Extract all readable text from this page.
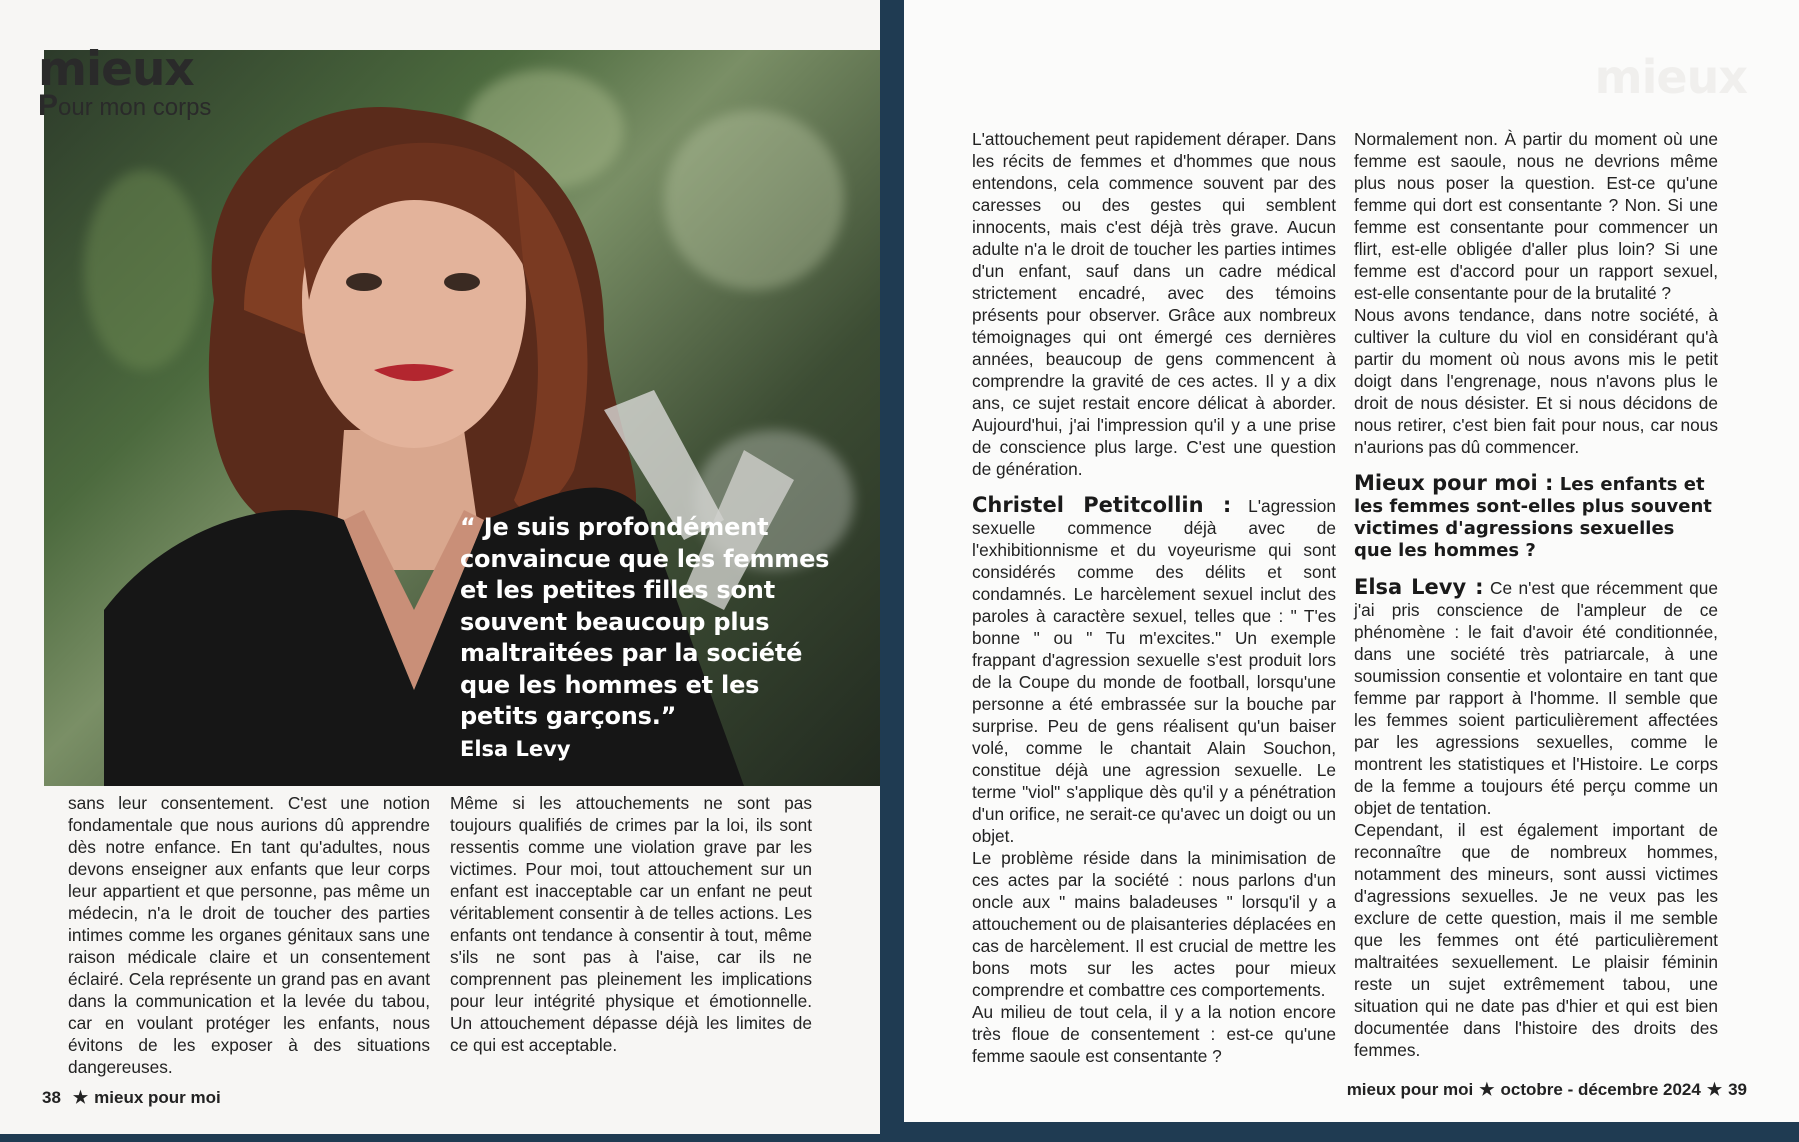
mieux
Pour mon corps
“ Je suis profondément convaincue que les femmes et les petites filles sont souvent beaucoup plus maltraitées par la société que les hommes et les petits garçons.”
Elsa Levy
sans leur consentement. C'est une notion fondamentale que nous aurions dû apprendre dès notre enfance. En tant qu'adultes, nous devons enseigner aux enfants que leur corps leur appartient et que personne, pas même un médecin, n'a le droit de toucher des parties intimes comme les organes génitaux sans une raison médicale claire et un consentement éclairé. Cela représente un grand pas en avant dans la communication et la levée du tabou, car en voulant protéger les enfants, nous évitons de les exposer à des situations dangereuses.
Même si les attouchements ne sont pas toujours qualifiés de crimes par la loi, ils sont ressentis comme une violation grave par les victimes. Pour moi, tout attouchement sur un enfant est inacceptable car un enfant ne peut véritablement consentir à de telles actions. Les enfants ont tendance à consentir à tout, même s'ils ne sont pas à l'aise, car ils ne comprennent pas pleinement les implications pour leur intégrité physique et émotionnelle. Un attouchement dépasse déjà les limites de ce qui est acceptable.
38 ★ mieux pour moi
mieux

L'attouchement peut rapidement déraper. Dans les récits de femmes et d'hommes que nous entendons, cela commence souvent par des caresses ou des gestes qui semblent innocents, mais c'est déjà très grave. Aucun adulte n'a le droit de toucher les parties intimes d'un enfant, sauf dans un cadre médical strictement encadré, avec des témoins présents pour observer. Grâce aux nombreux témoignages qui ont émergé ces dernières années, beaucoup de gens commencent à comprendre la gravité de ces actes. Il y a dix ans, ce sujet restait encore délicat à aborder. Aujourd'hui, j'ai l'impression qu'il y a une prise de conscience plus large. C'est une question de génération.

Christel Petitcollin : L'agression sexuelle commence déjà avec de l'exhibitionnisme et du voyeurisme qui sont considérés comme des délits et sont condamnés. Le harcèlement sexuel inclut des paroles à caractère sexuel, telles que : " T'es bonne " ou " Tu m'excites." Un exemple frappant d'agression sexuelle s'est produit lors de la Coupe du monde de football, lorsqu'une personne a été embrassée sur la bouche par surprise. Peu de gens réalisent qu'un baiser volé, comme le chantait Alain Souchon, constitue déjà une agression sexuelle. Le terme "viol" s'applique dès qu'il y a pénétration d'un orifice, ne serait-ce qu'avec un doigt ou un objet.

Le problème réside dans la minimisation de ces actes par la société : nous parlons d'un oncle aux " mains baladeuses " lorsqu'il y a attouchement ou de plaisanteries déplacées en cas de harcèlement. Il est crucial de mettre les bons mots sur les actes pour mieux comprendre et combattre ces comportements.

Au milieu de tout cela, il y a la notion encore très floue de consentement : est-ce qu'une femme saoule est consentante ?

Normalement non. À partir du moment où une femme est saoule, nous ne devrions même plus nous poser la question. Est-ce qu'une femme qui dort est consentante ? Non. Si une femme est consentante pour commencer un flirt, est-elle obligée d'aller plus loin? Si une femme est d'accord pour un rapport sexuel, est-elle consentante pour de la brutalité ?

Nous avons tendance, dans notre société, à cultiver la culture du viol en considérant qu'à partir du moment où nous avons mis le petit doigt dans l'engrenage, nous n'avons plus le droit de nous désister. Et si nous décidons de nous retirer, c'est bien fait pour nous, car nous n'aurions pas dû commencer.

Mieux pour moi : Les enfants et les femmes sont-elles plus souvent victimes d'agressions sexuelles que les hommes ?

Elsa Levy : Ce n'est que récemment que j'ai pris conscience de l'ampleur de ce phénomène : le fait d'avoir été conditionnée, dans une société très patriarcale, à une soumission consentie et volontaire en tant que femme par rapport à l'homme. Il semble que les femmes soient particulièrement affectées par les agressions sexuelles, comme le montrent les statistiques et l'Histoire. Le corps de la femme a toujours été perçu comme un objet de tentation.

Cependant, il est également important de reconnaître que de nombreux hommes, notamment des mineurs, sont aussi victimes d'agressions sexuelles. Je ne veux pas les exclure de cette question, mais il me semble que les femmes ont été particulièrement maltraitées sexuellement. Le plaisir féminin reste un sujet extrêmement tabou, une situation qui ne date pas d'hier et qui est bien documentée dans l'histoire des droits des femmes.

mieux pour moi ★ octobre - décembre 2024 ★ 39
